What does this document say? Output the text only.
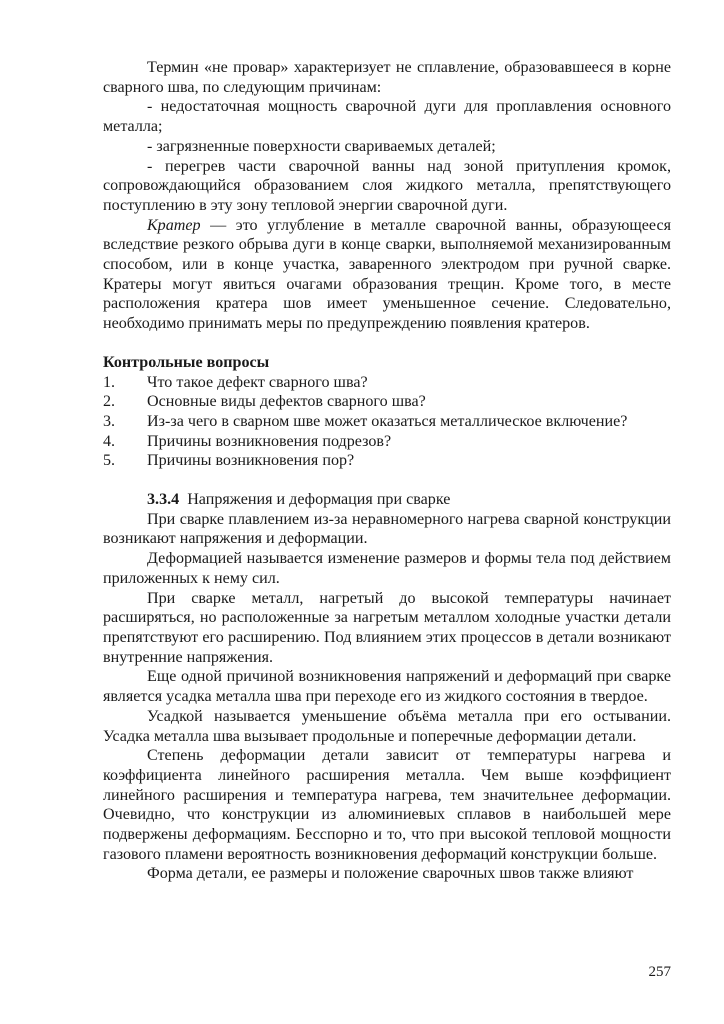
Термин «не провар» характеризует не сплавление, образовавшееся в корне сварного шва, по следующим причинам:

- недостаточная мощность сварочной дуги для проплавления основного металла;

- загрязненные поверхности свариваемых деталей;

- перегрев части сварочной ванны над зоной притупления кромок, сопровождающийся образованием слоя жидкого металла, препятствующего поступлению в эту зону тепловой энергии сварочной дуги.

Кратер — это углубление в металле сварочной ванны, образующееся вследствие резкого обрыва дуги в конце сварки, выполняемой механизированным способом, или в конце участка, заваренного электродом при ручной сварке. Кратеры могут явиться очагами образования трещин. Кроме того, в месте расположения кратера шов имеет уменьшенное сечение. Следовательно, необходимо принимать меры по предупреждению появления кратеров.

Контрольные вопросы

1.	Что такое дефект сварного шва?

2.	Основные виды дефектов сварного шва?

3.	Из-за чего в сварном шве может оказаться металлическое включение?

4.	Причины возникновения подрезов?

5.	Причины возникновения пор?

3.3.4 Напряжения и деформация при сварке

При сварке плавлением из-за неравномерного нагрева сварной конструкции возникают напряжения и деформации.

Деформацией называется изменение размеров и формы тела под действием приложенных к нему сил.

При сварке металл, нагретый до высокой температуры начинает расширяться, но расположенные за нагретым металлом холодные участки детали препятствуют его расширению. Под влиянием этих процессов в детали возникают внутренние напряжения.

Еще одной причиной возникновения напряжений и деформаций при сварке является усадка металла шва при переходе его из жидкого состояния в твердое.

Усадкой называется уменьшение объёма металла при его остывании. Усадка металла шва вызывает продольные и поперечные деформации детали.

Степень деформации детали зависит от температуры нагрева и коэффициента линейного расширения металла. Чем выше коэффициент линейного расширения и температура нагрева, тем значительнее деформации. Очевидно, что конструкции из алюминиевых сплавов в наибольшей мере подвержены деформациям. Бесспорно и то, что при высокой тепловой мощности газового пламени вероятность возникновения деформаций конструкции больше.

Форма детали, ее размеры и положение сварочных швов также влияют

257
